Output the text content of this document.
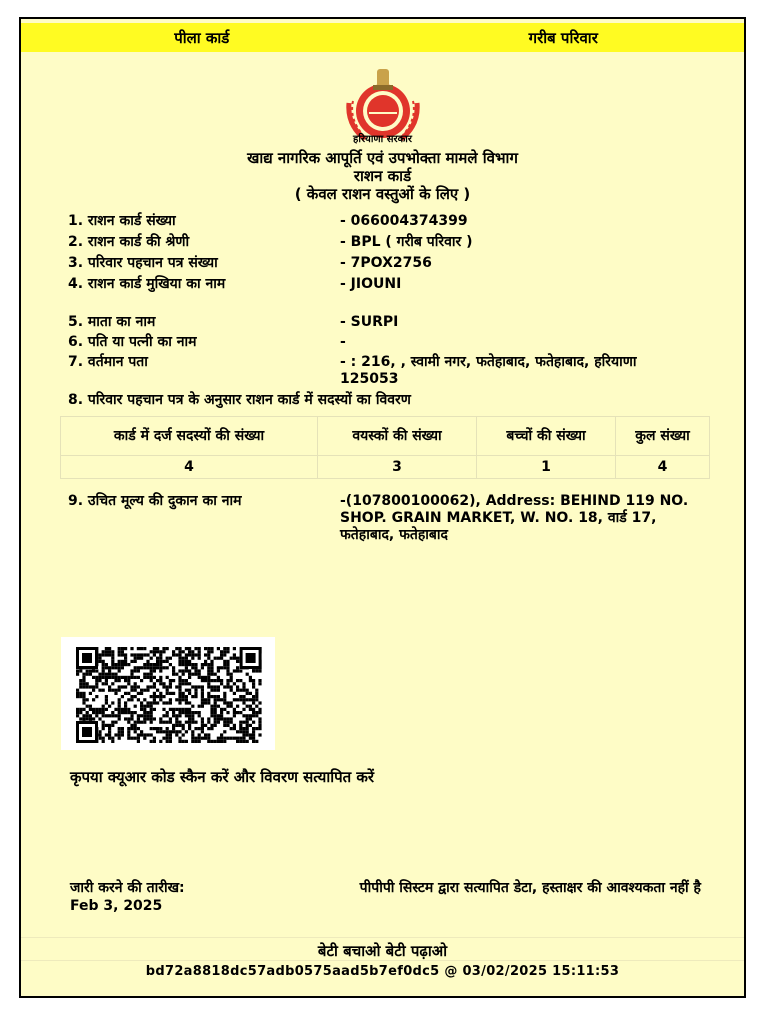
पीला कार्ड	गरीब परिवार
हरियाणा सरकार
खाद्य नागरिक आपूर्ति एवं उपभोक्ता मामले विभाग
राशन कार्ड
( केवल राशन वस्तुओं के लिए )
1. राशन कार्ड संख्या	- 066004374399
2. राशन कार्ड की श्रेणी	- BPL ( गरीब परिवार )
3. परिवार पहचान पत्र संख्या	- 7POX2756
4. राशन कार्ड मुखिया का नाम	- JIOUNI
5. माता का नाम	- SURPI
6. पति या पत्नी का नाम	-
7. वर्तमान पता	- : 216, , स्वामी नगर, फतेहाबाद, फतेहाबाद, हरियाणा 125053
8. परिवार पहचान पत्र के अनुसार राशन कार्ड में सदस्यों का विवरण
कार्ड में दर्ज सदस्यों की संख्या	वयस्कों की संख्या	बच्चों की संख्या	कुल संख्या
4	3	1	4
9. उचित मूल्य की दुकान का नाम	-(107800100062), Address: BEHIND 119 NO. SHOP. GRAIN MARKET, W. NO. 18, वार्ड 17, फतेहाबाद, फतेहाबाद
कृपया क्यूआर कोड स्कैन करें और विवरण सत्यापित करें
जारी करने की तारीख:
Feb 3, 2025
पीपीपी सिस्टम द्वारा सत्यापित डेटा, हस्ताक्षर की आवश्यकता नहीं है
बेटी बचाओ बेटी पढ़ाओ
bd72a8818dc57adb0575aad5b7ef0dc5 @ 03/02/2025 15:11:53
